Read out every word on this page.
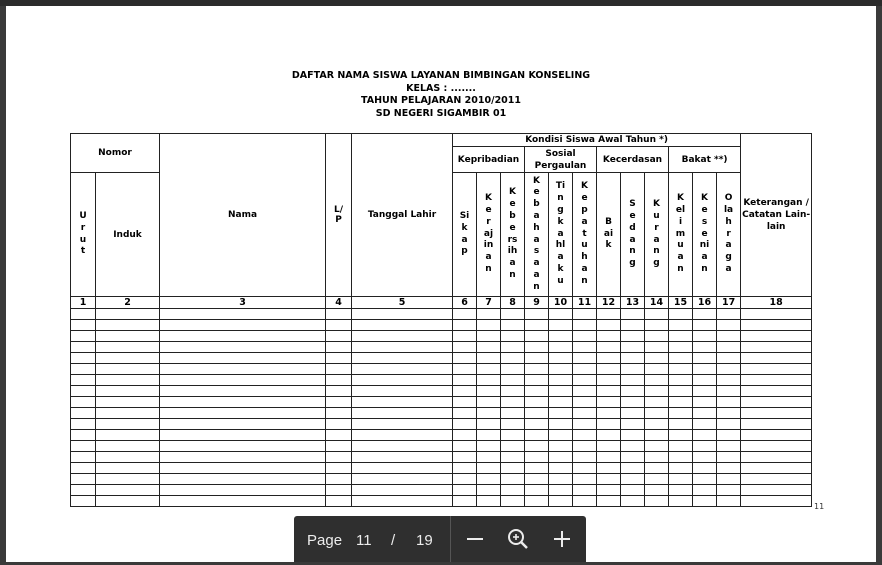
DAFTAR NAMA SISWA LAYANAN BIMBINGAN KONSELING
KELAS : .......
TAHUN PELAJARAN 2010/2011
SD NEGERI SIGAMBIR 01
Nomor		Nama	L/P	Tanggal Lahir	Kondisi Siswa Awal Tahun *)												Keterangan / Catatan Lain-lain
					Kepribadian			Sosial Pergaulan			Kecerdasan			Bakat **)			
Urut	Induk				Sikap	Kerajinan	Kebersihan	Kebahasaan	Tingkahlaku	Kepatuhan	Baik	Sedang	Kurang	Kelimuan	Kesenian	Olahraga	
1	2	3	4	5	6	7	8	9	10	11	12	13	14	15	16	17	18

11
Page 11 / 19
